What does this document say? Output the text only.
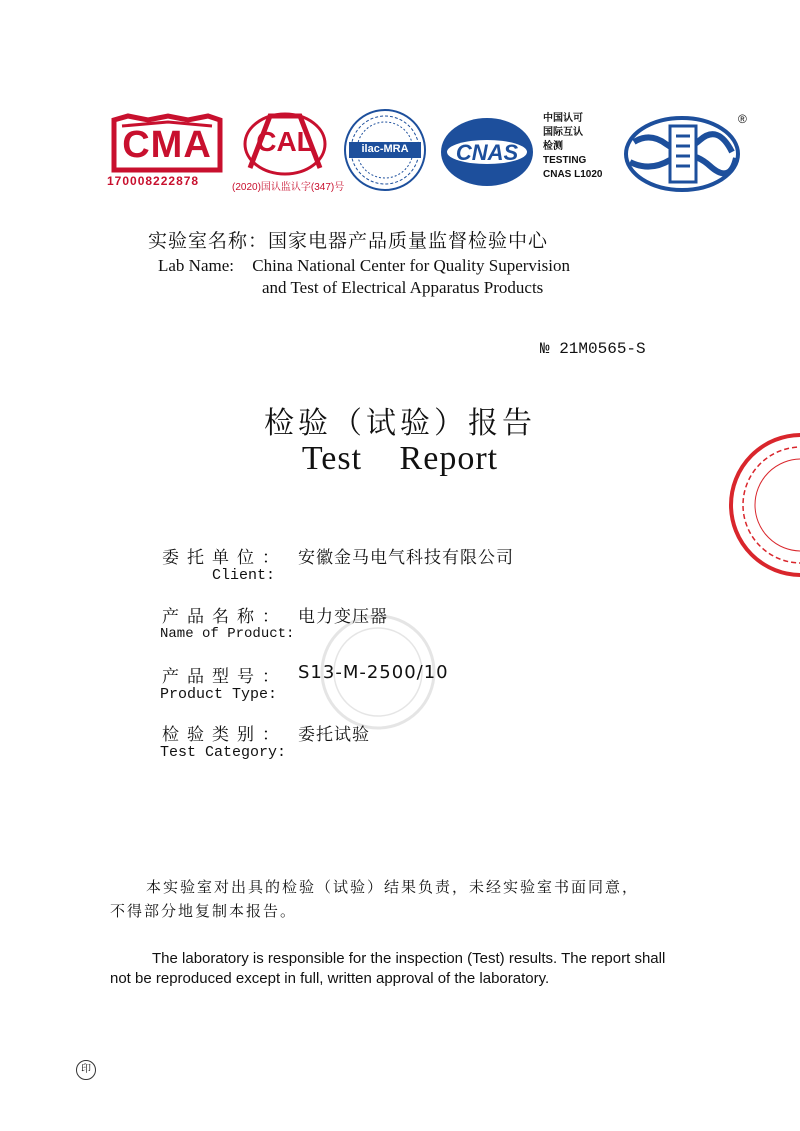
CMA
170008222878
CAL
(2020)国认监认字(347)号
ilac-MRA	CNAS
中国认可
国际互认
检测
TESTING
CNAS L1020
®
实验室名称：国家电器产品质量监督检验中心
Lab Name: China National Center for Quality Supervision
and Test of Electrical Apparatus Products
№ 21M0565-S
检验（试验）报告
Test Report
委托单位： 安徽金马电气科技有限公司
Client:
产品名称： 电力变压器
Name of Product:
产品型号： S13-M-2500/10
Product Type:
检验类别： 委托试验
Test Category:
本实验室对出具的检验（试验）结果负责，未经实验室书面同意，
不得部分地复制本报告。
The laboratory is responsible for the inspection (Test) results. The report shall
not be reproduced except in full, written approval of the laboratory.
印
